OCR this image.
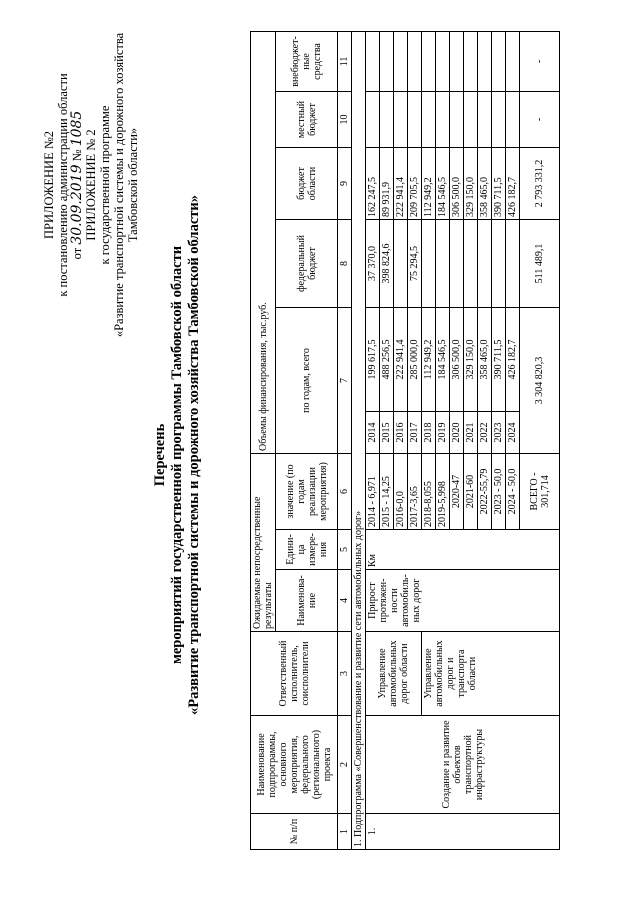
ПРИЛОЖЕНИЕ №2 к постановлению администрации области от 30.09.2019 № 1085
ПРИЛОЖЕНИЕ № 2 к государственной программе «Развитие транспортной системы и дорожного хозяйства Тамбовской области»
Перечень мероприятий государственной программы Тамбовской области «Развитие транспортной системы и дорожного хозяйства Тамбовской области»
№ п/п	Наименование подпрограммы, основного мероприятия, федерального (регионального) проекта	Ответственный исполнитель, соисполнители	Ожидаемые непосредственные результаты			Объемы финансирования, тыс.руб.					
			Наименова-ние	Едини-ца измере-ния	значение (по годам реализации мероприятия)	по годам, всего		федеральный бюджет	бюджет области	местный бюджет	внебюджет-ные средства

1	2	3	4	5	6	7		8	9	10	11
1. Подпрограмма «Совершенствование и развитие сети автомобильных дорог»											
1.	Создание и развитие объектов транспортной инфраструктуры	Управление автомобильных дорог области	Прирост протяжен-ности автомобиль-ных дорог	Км	2014 - 6,971	2014	199 617,5	37 370,0	162 247,5		
					2015 - 14,25	2015	488 256,5	398 824,6	89 931,9		
					2016-0,0	2016	222 941,4		222 941,4		
					2017-3,65	2017	285 000,0	75 294,5	209 705,5		
		Управление автомобильных дорог и транспорта области			2018-8,055	2018	112 949,2		112 949,2		
					2019-5,998	2019	184 546,5		184 546,5		
					2020-47	2020	306 500,0		306 500,0		
					2021-60	2021	329 150,0		329 150,0		
					2022-55,79	2022	358 465,0		358 465,0		
					2023 - 50,0	2023	390 711,5		390 711,5		
					2024 - 50,0	2024	426 182,7		426 182,7		
					ВСЕГО - 301,714	3 304 820,3		511 489,1	2 793 331,2	-	-
